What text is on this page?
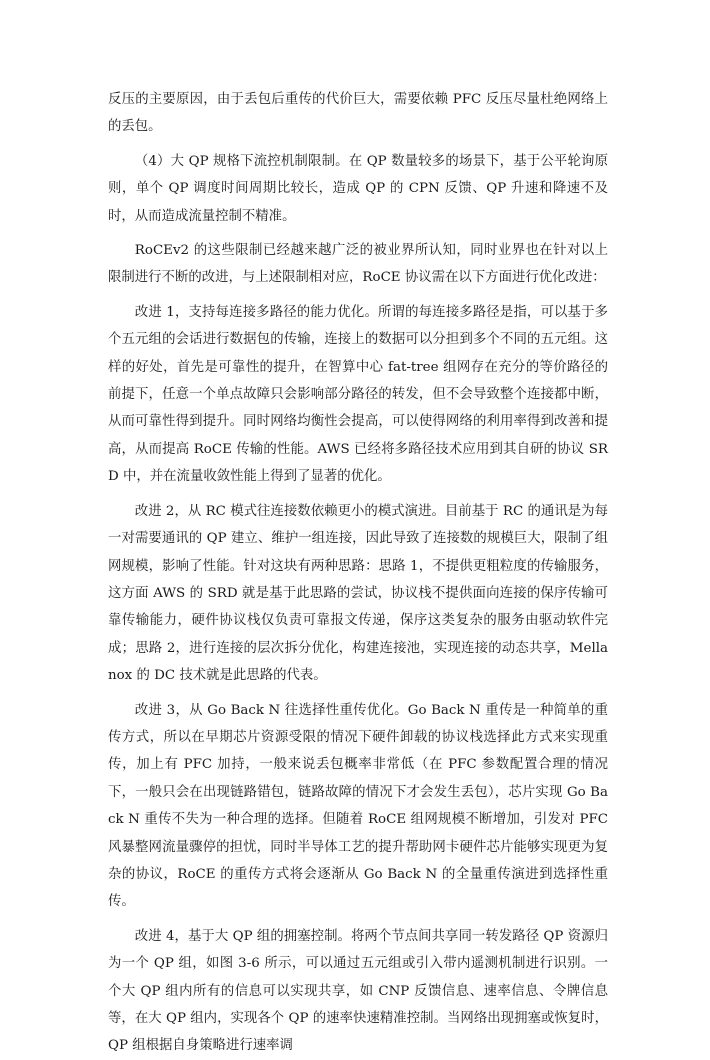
反压的主要原因，由于丢包后重传的代价巨大，需要依赖 PFC 反压尽量杜绝网络上的丢包。

（4）大 QP 规格下流控机制限制。在 QP 数量较多的场景下，基于公平轮询原则，单个 QP 调度时间周期比较长，造成 QP 的 CPN 反馈、QP 升速和降速不及时，从而造成流量控制不精准。

RoCEv2 的这些限制已经越来越广泛的被业界所认知，同时业界也在针对以上限制进行不断的改进，与上述限制相对应，RoCE 协议需在以下方面进行优化改进：

改进 1，支持每连接多路径的能力优化。所谓的每连接多路径是指，可以基于多个五元组的会话进行数据包的传输，连接上的数据可以分担到多个不同的五元组。这样的好处，首先是可靠性的提升，在智算中心 fat-tree 组网存在充分的等价路径的前提下，任意一个单点故障只会影响部分路径的转发，但不会导致整个连接都中断，从而可靠性得到提升。同时网络均衡性会提高，可以使得网络的利用率得到改善和提高，从而提高 RoCE 传输的性能。AWS 已经将多路径技术应用到其自研的协议 SRD 中，并在流量收敛性能上得到了显著的优化。

改进 2，从 RC 模式往连接数依赖更小的模式演进。目前基于 RC 的通讯是为每一对需要通讯的 QP 建立、维护一组连接，因此导致了连接数的规模巨大，限制了组网规模，影响了性能。针对这块有两种思路：思路 1，不提供更粗粒度的传输服务，这方面 AWS 的 SRD 就是基于此思路的尝试，协议栈不提供面向连接的保序传输可靠传输能力，硬件协议栈仅负责可靠报文传递，保序这类复杂的服务由驱动软件完成；思路 2，进行连接的层次拆分优化，构建连接池，实现连接的动态共享，Mellanox 的 DC 技术就是此思路的代表。

改进 3，从 Go Back N 往选择性重传优化。Go Back N 重传是一种简单的重传方式，所以在早期芯片资源受限的情况下硬件卸载的协议栈选择此方式来实现重传，加上有 PFC 加持，一般来说丢包概率非常低（在 PFC 参数配置合理的情况下，一般只会在出现链路错包，链路故障的情况下才会发生丢包），芯片实现 Go Back N 重传不失为一种合理的选择。但随着 RoCE 组网规模不断增加，引发对 PFC 风暴整网流量骤停的担忧，同时半导体工艺的提升帮助网卡硬件芯片能够实现更为复杂的协议，RoCE 的重传方式将会逐渐从 Go Back N 的全量重传演进到选择性重传。

改进 4，基于大 QP 组的拥塞控制。将两个节点间共享同一转发路径 QP 资源归为一个 QP 组，如图 3-6 所示，可以通过五元组或引入带内遥测机制进行识别。一个大 QP 组内所有的信息可以实现共享，如 CNP 反馈信息、速率信息、令牌信息等，在大 QP 组内，实现各个 QP 的速率快速精准控制。当网络出现拥塞或恢复时，QP 组根据自身策略进行速率调
